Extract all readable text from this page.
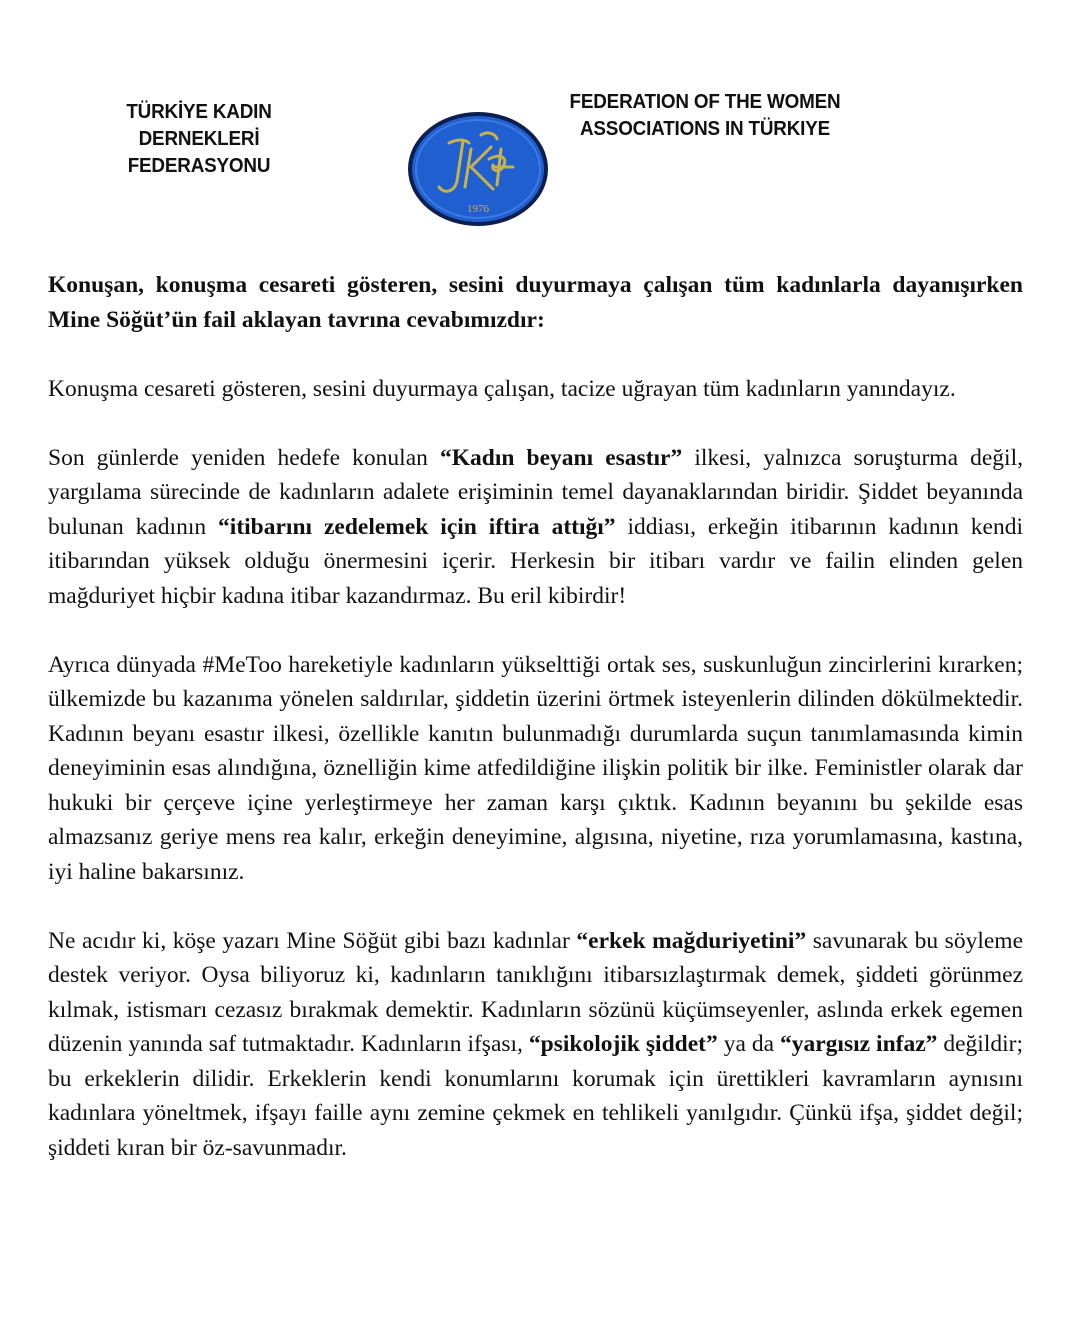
TÜRKİYE KADIN DERNEKLERİ
FEDERASYONU
1976
FEDERATION OF THE WOMEN
ASSOCIATIONS IN TÜRKIYE

Konuşan, konuşma cesareti gösteren, sesini duyurmaya çalışan tüm kadınlarla dayanışırken Mine Söğüt’ün fail aklayan tavrına cevabımızdır:

Konuşma cesareti gösteren, sesini duyurmaya çalışan, tacize uğrayan tüm kadınların yanındayız.

Son günlerde yeniden hedefe konulan “Kadın beyanı esastır” ilkesi, yalnızca soruşturma değil, yargılama sürecinde de kadınların adalete erişiminin temel dayanaklarından biridir. Şiddet beyanında bulunan kadının “itibarını zedelemek için iftira attığı” iddiası, erkeğin itibarının kadının kendi itibarından yüksek olduğu önermesini içerir. Herkesin bir itibarı vardır ve failin elinden gelen mağduriyet hiçbir kadına itibar kazandırmaz. Bu eril kibirdir!

Ayrıca dünyada #MeToo hareketiyle kadınların yükselttiği ortak ses, suskunluğun zincirlerini kırarken; ülkemizde bu kazanıma yönelen saldırılar, şiddetin üzerini örtmek isteyenlerin dilinden dökülmektedir. Kadının beyanı esastır ilkesi, özellikle kanıtın bulunmadığı durumlarda suçun tanımlamasında kimin deneyiminin esas alındığına, öznelliğin kime atfedildiğine ilişkin politik bir ilke. Feministler olarak dar hukuki bir çerçeve içine yerleştirmeye her zaman karşı çıktık. Kadının beyanını bu şekilde esas almazsanız geriye mens rea kalır, erkeğin deneyimine, algısına, niyetine, rıza yorumlamasına, kastına, iyi haline bakarsınız.

Ne acıdır ki, köşe yazarı Mine Söğüt gibi bazı kadınlar “erkek mağduriyetini” savunarak bu söyleme destek veriyor. Oysa biliyoruz ki, kadınların tanıklığını itibarsızlaştırmak demek, şiddeti görünmez kılmak, istismarı cezasız bırakmak demektir. Kadınların sözünü küçümseyenler, aslında erkek egemen düzenin yanında saf tutmaktadır. Kadınların ifşası, “psikolojik şiddet” ya da “yargısız infaz” değildir; bu erkeklerin dilidir. Erkeklerin kendi konumlarını korumak için ürettikleri kavramların aynısını kadınlara yöneltmek, ifşayı faille aynı zemine çekmek en tehlikeli yanılgıdır. Çünkü ifşa, şiddet değil; şiddeti kıran bir öz-savunmadır.
